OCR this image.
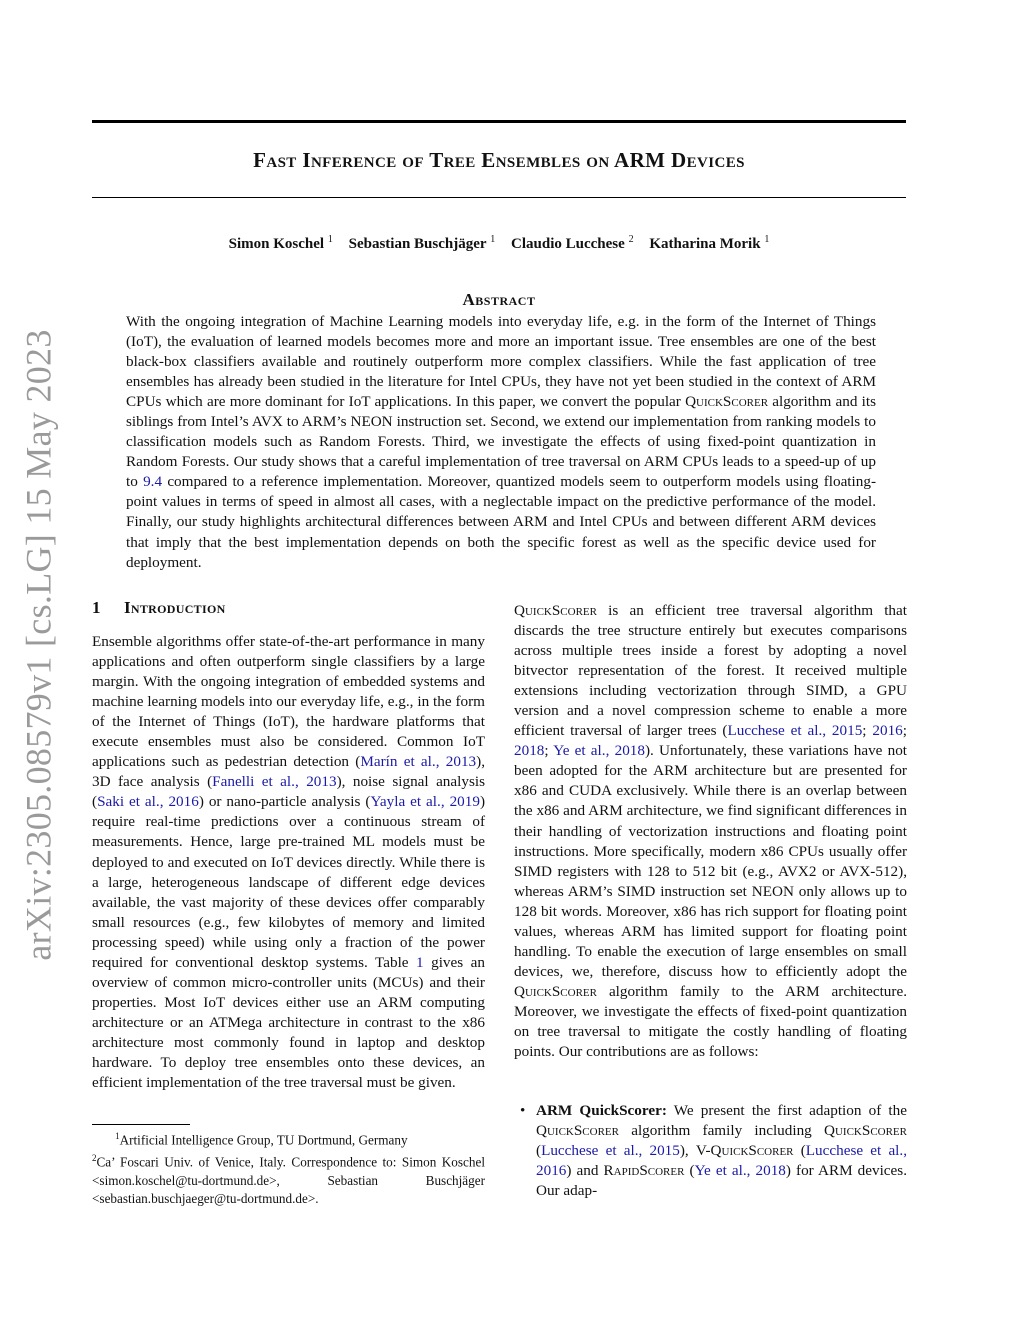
arXiv:2305.08579v1 [cs.LG] 15 May 2023
Fast Inference of Tree Ensembles on ARM Devices
Simon Koschel $^1$ Sebastian Buschjäger $^1$ Claudio Lucchese $^2$ Katharina Morik $^1$
Abstract

With the ongoing integration of Machine Learning models into everyday life, e.g. in the form of the Internet of Things (IoT), the evaluation of learned models becomes more and more an important issue. Tree ensembles are one of the best black-box classifiers available and routinely outperform more complex classifiers. While the fast application of tree ensembles has already been studied in the literature for Intel CPUs, they have not yet been studied in the context of ARM CPUs which are more dominant for IoT applications. In this paper, we convert the popular QuickScorer algorithm and its siblings from Intel’s AVX to ARM’s NEON instruction set. Second, we extend our implementation from ranking models to classification models such as Random Forests. Third, we investigate the effects of using fixed-point quantization in Random Forests. Our study shows that a careful implementation of tree traversal on ARM CPUs leads to a speed-up of up to 9.4 compared to a reference implementation. Moreover, quantized models seem to outperform models using floating-point values in terms of speed in almost all cases, with a neglectable impact on the predictive performance of the model. Finally, our study highlights architectural differences between ARM and Intel CPUs and between different ARM devices that imply that the best implementation depends on both the specific forest as well as the specific device used for deployment.

1 Introduction

Ensemble algorithms offer state-of-the-art performance in many applications and often outperform single classifiers by a large margin. With the ongoing integration of embedded systems and machine learning models into our everyday life, e.g., in the form of the Internet of Things (IoT), the hardware platforms that execute ensembles must also be considered. Common IoT applications such as pedestrian detection (Marín et al., 2013), 3D face analysis (Fanelli et al., 2013), noise signal analysis (Saki et al., 2016) or nano-particle analysis (Yayla et al., 2019) require real-time predictions over a continuous stream of measurements. Hence, large pre-trained ML models must be deployed to and executed on IoT devices directly. While there is a large, heterogeneous landscape of different edge devices available, the vast majority of these devices offer comparably small resources (e.g., few kilobytes of memory and limited processing speed) while using only a fraction of the power required for conventional desktop systems. Table 1 gives an overview of common micro-controller units (MCUs) and their properties. Most IoT devices either use an ARM computing architecture or an ATMega architecture in contrast to the x86 architecture most commonly found in laptop and desktop hardware. To deploy tree ensembles onto these devices, an efficient implementation of the tree traversal must be given.

$^1$Artificial Intelligence Group, TU Dortmund, Germany

$^2$Ca’ Foscari Univ. of Venice, Italy. Correspondence to: Simon Koschel <simon.koschel@tu-dortmund.de>, Sebastian Buschjäger <sebastian.buschjaeger@tu-dortmund.de>.

QuickScorer is an efficient tree traversal algorithm that discards the tree structure entirely but executes comparisons across multiple trees inside a forest by adopting a novel bitvector representation of the forest. It received multiple extensions including vectorization through SIMD, a GPU version and a novel compression scheme to enable a more efficient traversal of larger trees (Lucchese et al., 2015; 2016; 2018; Ye et al., 2018). Unfortunately, these variations have not been adopted for the ARM architecture but are presented for x86 and CUDA exclusively. While there is an overlap between the x86 and ARM architecture, we find significant differences in their handling of vectorization instructions and floating point instructions. More specifically, modern x86 CPUs usually offer SIMD registers with 128 to 512 bit (e.g., AVX2 or AVX-512), whereas ARM’s SIMD instruction set NEON only allows up to 128 bit words. Moreover, x86 has rich support for floating point values, whereas ARM has limited support for floating point handling. To enable the execution of large ensembles on small devices, we, therefore, discuss how to efficiently adopt the QuickScorer algorithm family to the ARM architecture. Moreover, we investigate the effects of fixed-point quantization on tree traversal to mitigate the costly handling of floating points. Our contributions are as follows:

• ARM QuickScorer: We present the first adaption of the QuickScorer algorithm family including QuickScorer (Lucchese et al., 2015), V-QuickScorer (Lucchese et al., 2016) and RapidScorer (Ye et al., 2018) for ARM devices. Our adap-
